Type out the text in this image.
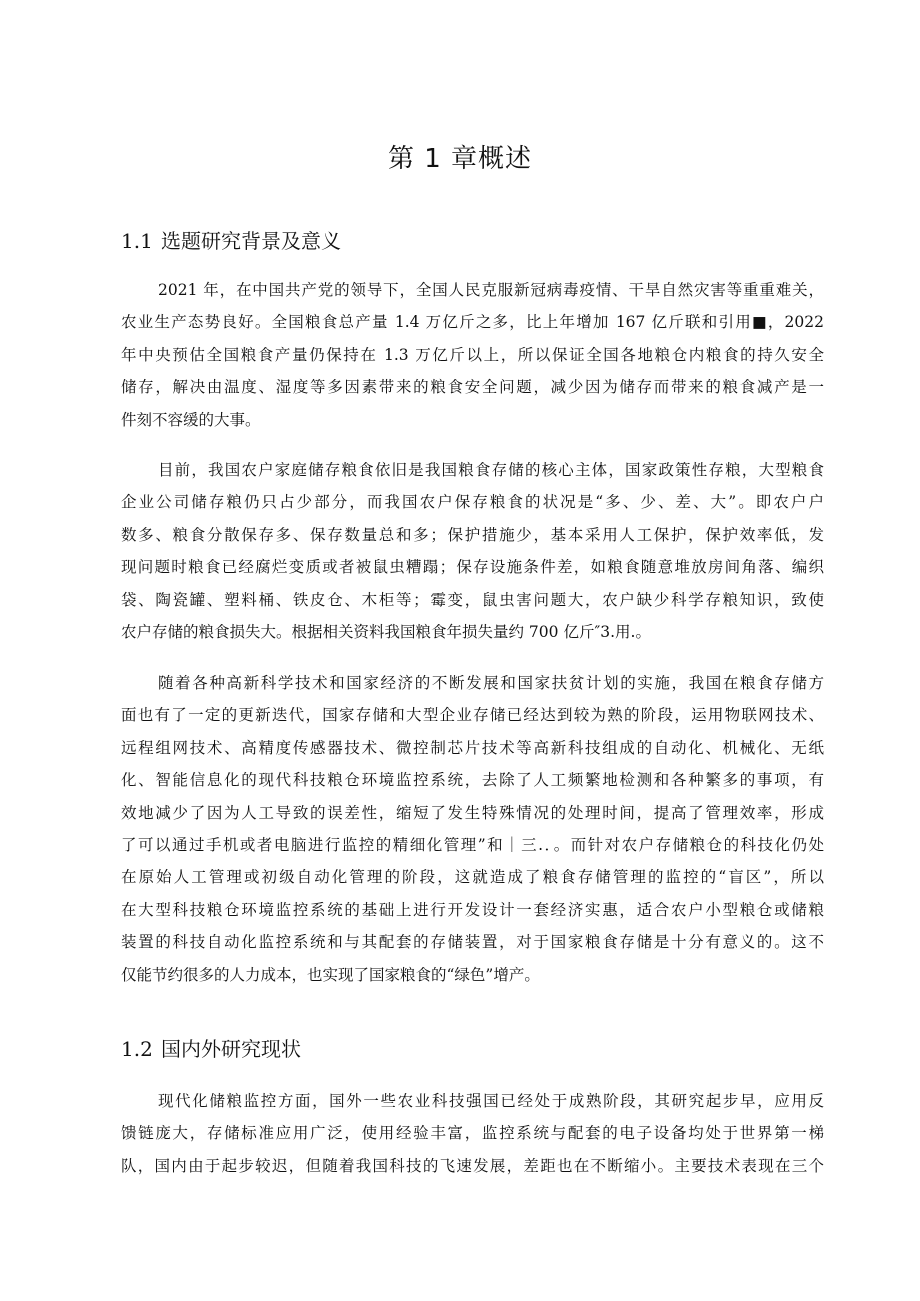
第 1 章概述
1.1 选题研究背景及意义
2021 年，在中国共产党的领导下，全国人民克服新冠病毒疫情、干旱自然灾害等重重难关，
农业生产态势良好。全国粮食总产量 1.4 万亿斤之多，比上年增加 167 亿斤联和引用■，2022
年中央预估全国粮食产量仍保持在 1.3 万亿斤以上，所以保证全国各地粮仓内粮食的持久安全
储存，解决由温度、湿度等多因素带来的粮食安全问题，减少因为储存而带来的粮食减产是一
件刻不容缓的大事。
目前，我国农户家庭储存粮食依旧是我国粮食存储的核心主体，国家政策性存粮，大型粮食
企业公司储存粮仍只占少部分，而我国农户保存粮食的状况是“多、少、差、大”。即农户户
数多、粮食分散保存多、保存数量总和多；保护措施少，基本采用人工保护，保护效率低，发
现问题时粮食已经腐烂变质或者被鼠虫糟蹋；保存设施条件差，如粮食随意堆放房间角落、编织
袋、陶瓷罐、塑料桶、铁皮仓、木柜等；霉变，鼠虫害问题大，农户缺少科学存粮知识，致使
农户存储的粮食损失大。根据相关资料我国粮食年损失量约 700 亿斤″3.用.。
随着各种高新科学技术和国家经济的不断发展和国家扶贫计划的实施，我国在粮食存储方
面也有了一定的更新迭代，国家存储和大型企业存储已经达到较为熟的阶段，运用物联网技术、
远程组网技术、高精度传感器技术、微控制芯片技术等高新科技组成的自动化、机械化、无纸
化、智能信息化的现代科技粮仓环境监控系统，去除了人工频繁地检测和各种繁多的事项，有
效地减少了因为人工导致的误差性，缩短了发生特殊情况的处理时间，提高了管理效率，形成
了可以通过手机或者电脑进行监控的精细化管理”和｜三.．。而针对农户存储粮仓的科技化仍处
在原始人工管理或初级自动化管理的阶段，这就造成了粮食存储管理的监控的“盲区”，所以
在大型科技粮仓环境监控系统的基础上进行开发设计一套经济实惠，适合农户小型粮仓或储粮
装置的科技自动化监控系统和与其配套的存储装置，对于国家粮食存储是十分有意义的。这不
仅能节约很多的人力成本，也实现了国家粮食的“绿色”增产。
1.2 国内外研究现状
现代化储粮监控方面，国外一些农业科技强国已经处于成熟阶段，其研究起步早，应用反
馈链庞大，存储标准应用广泛，使用经验丰富，监控系统与配套的电子设备均处于世界第一梯
队，国内由于起步较迟，但随着我国科技的飞速发展，差距也在不断缩小。主要技术表现在三个
